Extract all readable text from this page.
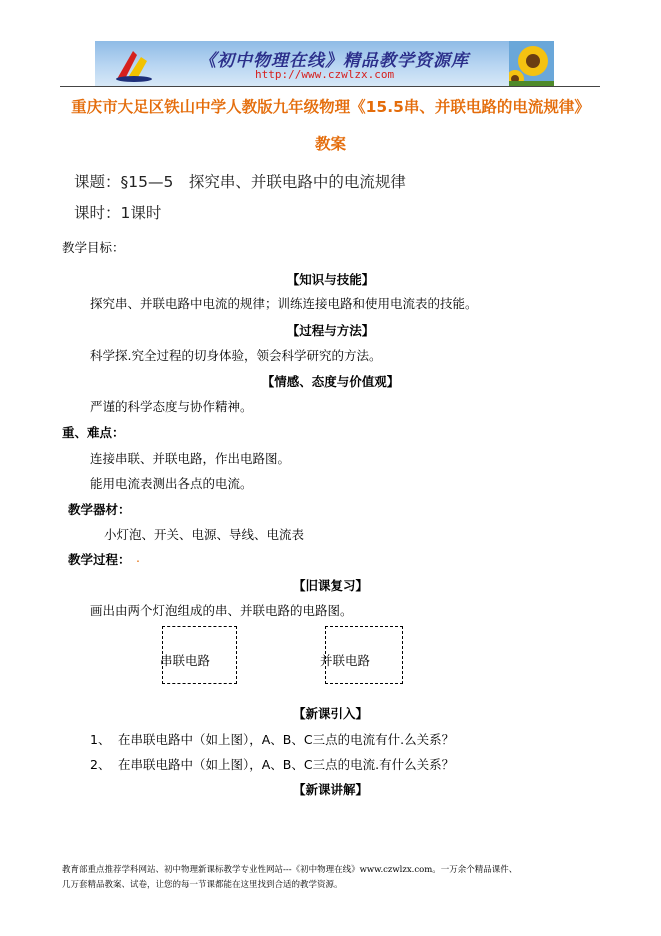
《初中物理在线》精品教学资源库
http://www.czwlzx.com
重庆市大足区铁山中学人教版九年级物理《15.5串、并联电路的电流规律》
教案
课题：§15—5　探究串、并联电路中的电流规律
课时：1课时
教学目标：
【知识与技能】
探究串、并联电路中电流的规律；训练连接电路和使用电流表的技能。
【过程与方法】
科学探.究全过程的切身体验，领会科学研究的方法。
【情感、态度与价值观】
严谨的科学态度与协作精神。
重、难点：
连接串联、并联电路，作出电路图。
能用电流表测出各点的电流。
教学器材：
小灯泡、开关、电源、导线、电流表
教学过程： .
【旧课复习】
画出由两个灯泡组成的串、并联电路的电路图。
串联电路	并联电路
【新课引入】
1、 在串联电路中（如上图），A、B、C三点的电流有什.么关系？
2、 在串联电路中（如上图），A、B、C三点的电流.有什么关系？
【新课讲解】
教育部重点推荐学科网站、初中物理新课标教学专业性网站---《初中物理在线》www.czwlzx.com。一万余个精品课件、
几万套精品教案、试卷，让您的每一节课都能在这里找到合适的教学资源。
